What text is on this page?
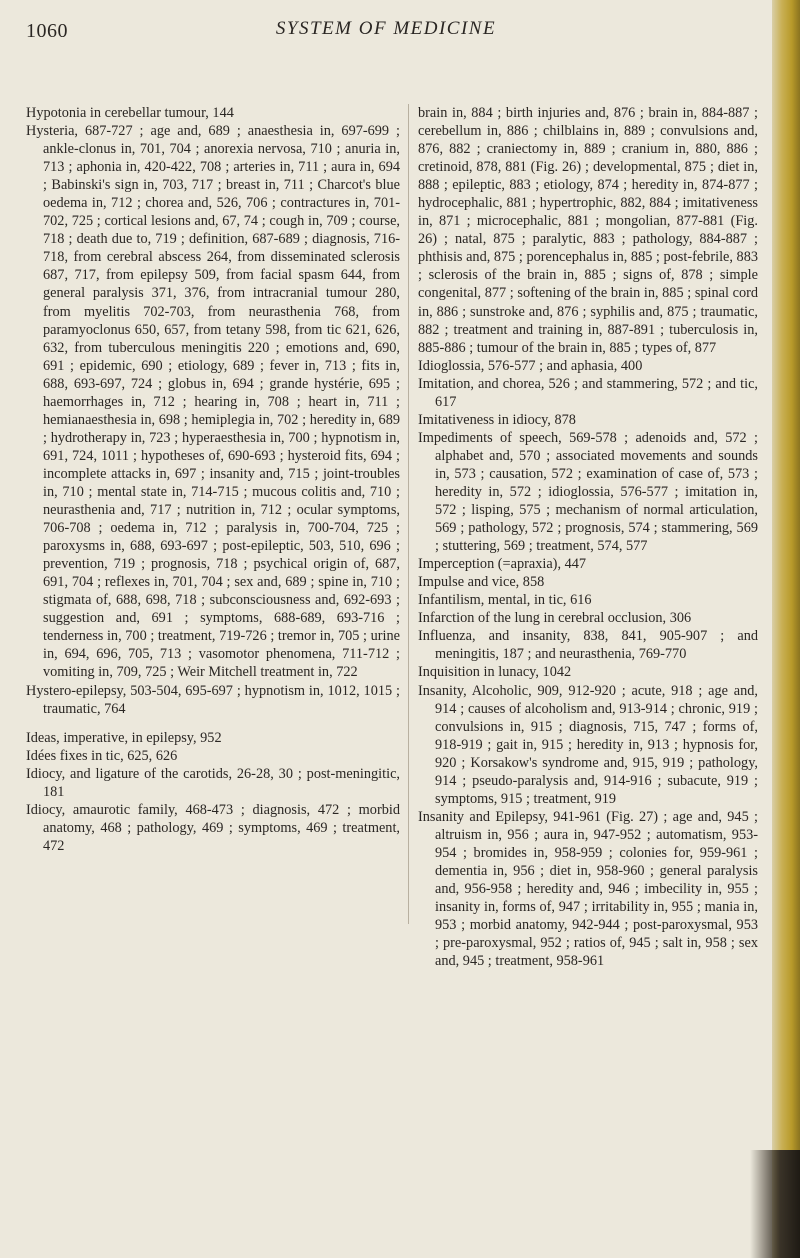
1060	SYSTEM OF MEDICINE

Hypotonia in cerebellar tumour, 144

Hysteria, 687-727 ; age and, 689 ; anaesthesia in, 697-699 ; ankle-clonus in, 701, 704 ; anorexia nervosa, 710 ; anuria in, 713 ; aphonia in, 420-422, 708 ; arteries in, 711 ; aura in, 694 ; Babinski's sign in, 703, 717 ; breast in, 711 ; Charcot's blue oedema in, 712 ; chorea and, 526, 706 ; contractures in, 701-702, 725 ; cortical lesions and, 67, 74 ; cough in, 709 ; course, 718 ; death due to, 719 ; definition, 687-689 ; diagnosis, 716-718, from cerebral abscess 264, from disseminated sclerosis 687, 717, from epilepsy 509, from facial spasm 644, from general paralysis 371, 376, from intracranial tumour 280, from myelitis 702-703, from neurasthenia 768, from paramyoclonus 650, 657, from tetany 598, from tic 621, 626, 632, from tuberculous meningitis 220 ; emotions and, 690, 691 ; epidemic, 690 ; etiology, 689 ; fever in, 713 ; fits in, 688, 693-697, 724 ; globus in, 694 ; grande hystérie, 695 ; haemorrhages in, 712 ; hearing in, 708 ; heart in, 711 ; hemianaesthesia in, 698 ; hemiplegia in, 702 ; heredity in, 689 ; hydrotherapy in, 723 ; hyperaesthesia in, 700 ; hypnotism in, 691, 724, 1011 ; hypotheses of, 690-693 ; hysteroid fits, 694 ; incomplete attacks in, 697 ; insanity and, 715 ; joint-troubles in, 710 ; mental state in, 714-715 ; mucous colitis and, 710 ; neurasthenia and, 717 ; nutrition in, 712 ; ocular symptoms, 706-708 ; oedema in, 712 ; paralysis in, 700-704, 725 ; paroxysms in, 688, 693-697 ; post-epileptic, 503, 510, 696 ; prevention, 719 ; prognosis, 718 ; psychical origin of, 687, 691, 704 ; reflexes in, 701, 704 ; sex and, 689 ; spine in, 710 ; stigmata of, 688, 698, 718 ; subconsciousness and, 692-693 ; suggestion and, 691 ; symptoms, 688-689, 693-716 ; tenderness in, 700 ; treatment, 719-726 ; tremor in, 705 ; urine in, 694, 696, 705, 713 ; vasomotor phenomena, 711-712 ; vomiting in, 709, 725 ; Weir Mitchell treatment in, 722

Hystero-epilepsy, 503-504, 695-697 ; hypnotism in, 1012, 1015 ; traumatic, 764

Ideas, imperative, in epilepsy, 952

Idées fixes in tic, 625, 626

Idiocy, and ligature of the carotids, 26-28, 30 ; post-meningitic, 181

Idiocy, amaurotic family, 468-473 ; diagnosis, 472 ; morbid anatomy, 468 ; pathology, 469 ; symptoms, 469 ; treatment, 472

brain in, 884 ; birth injuries and, 876 ; brain in, 884-887 ; cerebellum in, 886 ; chilblains in, 889 ; convulsions and, 876, 882 ; craniectomy in, 889 ; cranium in, 880, 886 ; cretinoid, 878, 881 (Fig. 26) ; developmental, 875 ; diet in, 888 ; epileptic, 883 ; etiology, 874 ; heredity in, 874-877 ; hydrocephalic, 881 ; hypertrophic, 882, 884 ; imitativeness in, 871 ; microcephalic, 881 ; mongolian, 877-881 (Fig. 26) ; natal, 875 ; paralytic, 883 ; pathology, 884-887 ; phthisis and, 875 ; porencephalus in, 885 ; post-febrile, 883 ; sclerosis of the brain in, 885 ; signs of, 878 ; simple congenital, 877 ; softening of the brain in, 885 ; spinal cord in, 886 ; sunstroke and, 876 ; syphilis and, 875 ; traumatic, 882 ; treatment and training in, 887-891 ; tuberculosis in, 885-886 ; tumour of the brain in, 885 ; types of, 877

Idioglossia, 576-577 ; and aphasia, 400

Imitation, and chorea, 526 ; and stammering, 572 ; and tic, 617

Imitativeness in idiocy, 878

Impediments of speech, 569-578 ; adenoids and, 572 ; alphabet and, 570 ; associated movements and sounds in, 573 ; causation, 572 ; examination of case of, 573 ; heredity in, 572 ; idioglossia, 576-577 ; imitation in, 572 ; lisping, 575 ; mechanism of normal articulation, 569 ; pathology, 572 ; prognosis, 574 ; stammering, 569 ; stuttering, 569 ; treatment, 574, 577

Imperception (=apraxia), 447

Impulse and vice, 858

Infantilism, mental, in tic, 616

Infarction of the lung in cerebral occlusion, 306

Influenza, and insanity, 838, 841, 905-907 ; and meningitis, 187 ; and neurasthenia, 769-770

Inquisition in lunacy, 1042

Insanity, Alcoholic, 909, 912-920 ; acute, 918 ; age and, 914 ; causes of alcoholism and, 913-914 ; chronic, 919 ; convulsions in, 915 ; diagnosis, 715, 747 ; forms of, 918-919 ; gait in, 915 ; heredity in, 913 ; hypnosis for, 920 ; Korsakow's syndrome and, 915, 919 ; pathology, 914 ; pseudo-paralysis and, 914-916 ; subacute, 919 ; symptoms, 915 ; treatment, 919

Insanity and Epilepsy, 941-961 (Fig. 27) ; age and, 945 ; altruism in, 956 ; aura in, 947-952 ; automatism, 953-954 ; bromides in, 958-959 ; colonies for, 959-961 ; dementia in, 956 ; diet in, 958-960 ; general paralysis and, 956-958 ; heredity and, 946 ; imbecility in, 955 ; insanity in, forms of, 947 ; irritability in, 955 ; mania in, 953 ; morbid anatomy, 942-944 ; post-paroxysmal, 953 ; pre-paroxysmal, 952 ; ratios of, 945 ; salt in, 958 ; sex and, 945 ; treatment, 958-961
